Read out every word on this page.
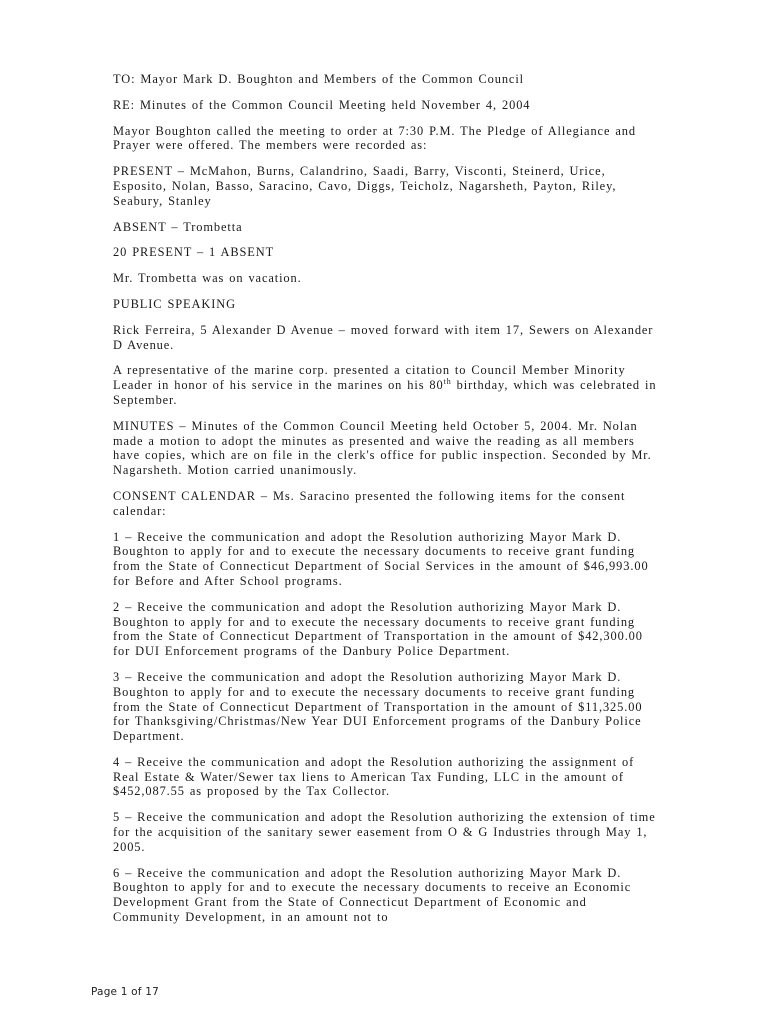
TO: Mayor Mark D. Boughton and Members of the Common Council

RE: Minutes of the Common Council Meeting held November 4, 2004

Mayor Boughton called the meeting to order at 7:30 P.M. The Pledge of Allegiance and Prayer were offered. The members were recorded as:

PRESENT – McMahon, Burns, Calandrino, Saadi, Barry, Visconti, Steinerd, Urice, Esposito, Nolan, Basso, Saracino, Cavo, Diggs, Teicholz, Nagarsheth, Payton, Riley, Seabury, Stanley

ABSENT – Trombetta

20 PRESENT – 1 ABSENT

Mr. Trombetta was on vacation.

PUBLIC SPEAKING

Rick Ferreira, 5 Alexander D Avenue – moved forward with item 17, Sewers on Alexander D Avenue.

A representative of the marine corp. presented a citation to Council Member Minority Leader in honor of his service in the marines on his 80th birthday, which was celebrated in September.

MINUTES – Minutes of the Common Council Meeting held October 5, 2004. Mr. Nolan made a motion to adopt the minutes as presented and waive the reading as all members have copies, which are on file in the clerk's office for public inspection. Seconded by Mr. Nagarsheth. Motion carried unanimously.

CONSENT CALENDAR – Ms. Saracino presented the following items for the consent calendar:

1 – Receive the communication and adopt the Resolution authorizing Mayor Mark D. Boughton to apply for and to execute the necessary documents to receive grant funding from the State of Connecticut Department of Social Services in the amount of $46,993.00 for Before and After School programs.

2 – Receive the communication and adopt the Resolution authorizing Mayor Mark D. Boughton to apply for and to execute the necessary documents to receive grant funding from the State of Connecticut Department of Transportation in the amount of $42,300.00 for DUI Enforcement programs of the Danbury Police Department.

3 – Receive the communication and adopt the Resolution authorizing Mayor Mark D. Boughton to apply for and to execute the necessary documents to receive grant funding from the State of Connecticut Department of Transportation in the amount of $11,325.00 for Thanksgiving/Christmas/New Year DUI Enforcement programs of the Danbury Police Department.

4 – Receive the communication and adopt the Resolution authorizing the assignment of Real Estate & Water/Sewer tax liens to American Tax Funding, LLC in the amount of $452,087.55 as proposed by the Tax Collector.

5 – Receive the communication and adopt the Resolution authorizing the extension of time for the acquisition of the sanitary sewer easement from O & G Industries through May 1, 2005.

6 – Receive the communication and adopt the Resolution authorizing Mayor Mark D. Boughton to apply for and to execute the necessary documents to receive an Economic Development Grant from the State of Connecticut Department of Economic and Community Development, in an amount not to

Page 1 of 17
